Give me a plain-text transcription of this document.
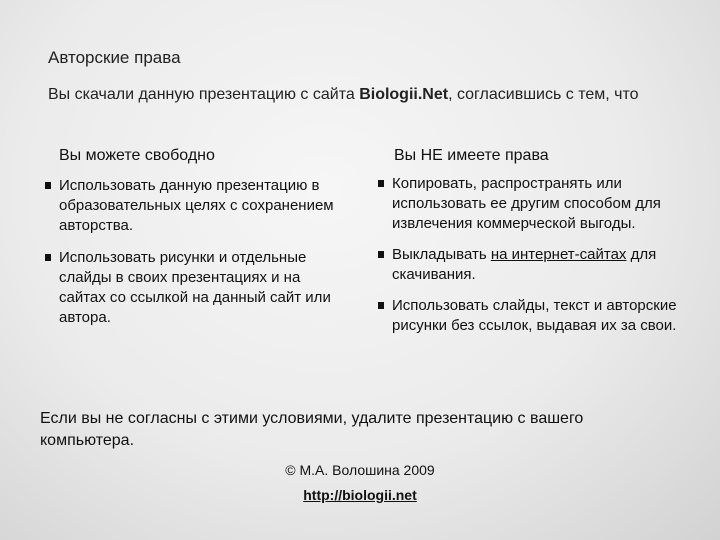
Авторские права
Вы скачали данную презентацию с сайта Biologii.Net, согласившись с тем, что
Вы можете свободно	Вы НЕ имеете права
Использовать данную презентацию в образовательных целях с сохранением авторства.
Использовать рисунки и отдельные слайды в своих презентациях и на сайтах со ссылкой на данный сайт или автора.
Копировать, распространять или использовать ее другим способом для извлечения коммерческой выгоды.
Выкладывать на интернет-сайтах для скачивания.
Использовать слайды, текст и авторские рисунки без ссылок, выдавая их за свои.
Если вы не согласны с этими условиями, удалите презентацию с вашего компьютера.
© М.А. Волошина 2009
http://biologii.net
